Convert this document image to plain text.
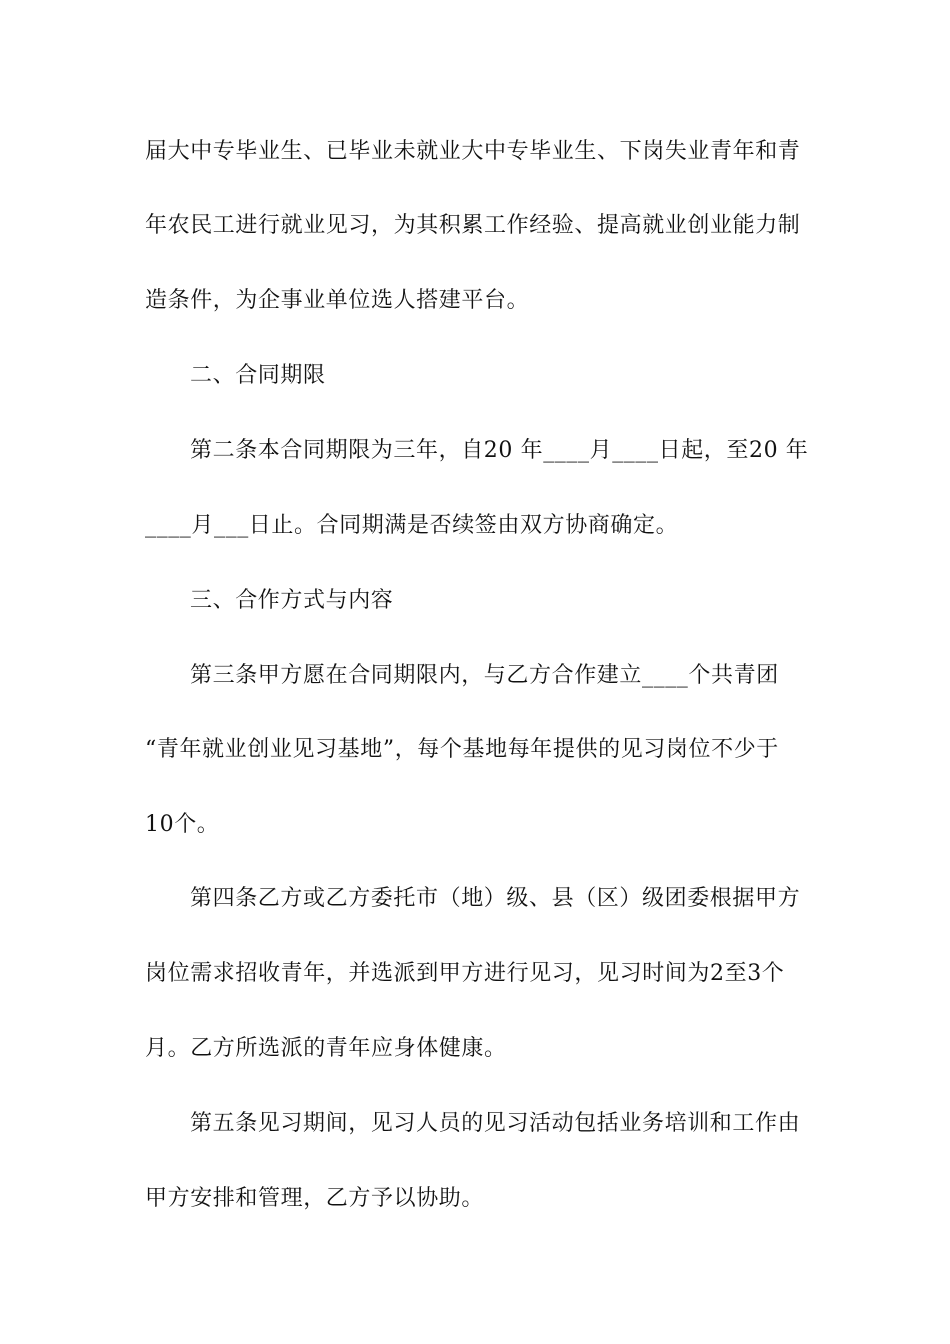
届大中专毕业生、已毕业未就业大中专毕业生、下岗失业青年和青
年农民工进行就业见习，为其积累工作经验、提高就业创业能力制
造条件，为企事业单位选人搭建平台。
二、合同期限
第二条本合同期限为三年，自20 年____月____日起，至20 年
____月___日止。合同期满是否续签由双方协商确定。
三、合作方式与内容
第三条甲方愿在合同期限内，与乙方合作建立____个共青团
“青年就业创业见习基地”，每个基地每年提供的见习岗位不少于
10个。
第四条乙方或乙方委托市（地）级、县（区）级团委根据甲方
岗位需求招收青年，并选派到甲方进行见习，见习时间为2至3个
月。乙方所选派的青年应身体健康。
第五条见习期间，见习人员的见习活动包括业务培训和工作由
甲方安排和管理，乙方予以协助。
